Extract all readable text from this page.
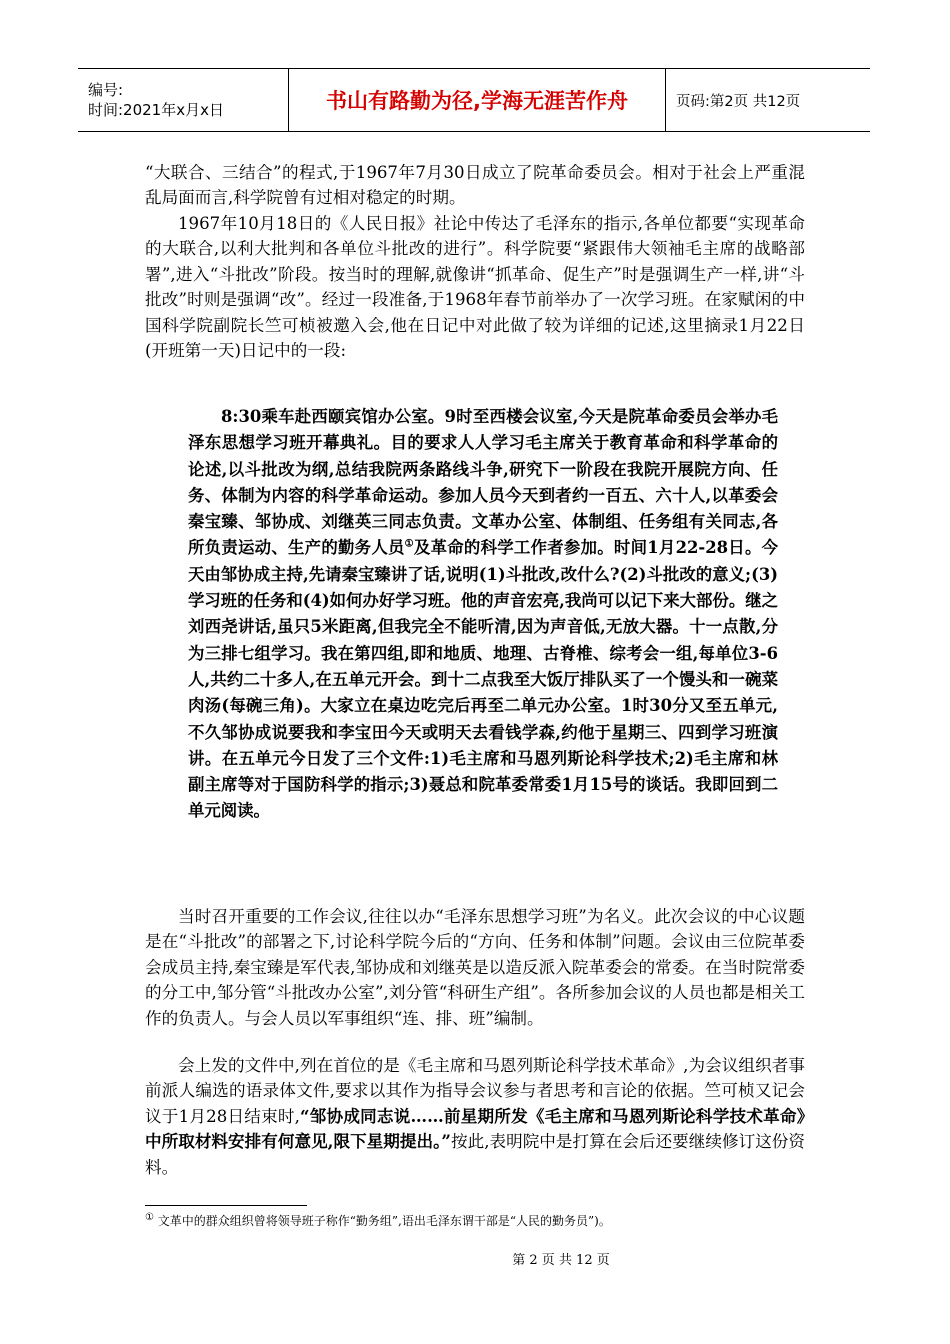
编号:
时间:2021年x月x日	书山有路勤为径,学海无涯苦作舟	页码:第2页 共12页

“大联合、三结合”的程式,于1967年7月30日成立了院革命委员会。相对于社会上严重混乱局面而言,科学院曾有过相对稳定的时期。

1967年10月18日的《人民日报》社论中传达了毛泽东的指示,各单位都要“实现革命的大联合,以利大批判和各单位斗批改的进行”。科学院要“紧跟伟大领袖毛主席的战略部署”,进入“斗批改”阶段。按当时的理解,就像讲“抓革命、促生产”时是强调生产一样,讲“斗批改”时则是强调“改”。经过一段准备,于1968年春节前举办了一次学习班。在家赋闲的中国科学院副院长竺可桢被邀入会,他在日记中对此做了较为详细的记述,这里摘录1月22日(开班第一天)日记中的一段:

8:30乘车赴西颐宾馆办公室。9时至西楼会议室,今天是院革命委员会举办毛泽东思想学习班开幕典礼。目的要求人人学习毛主席关于教育革命和科学革命的论述,以斗批改为纲,总结我院两条路线斗争,研究下一阶段在我院开展院方向、任务、体制为内容的科学革命运动。参加人员今天到者约一百五、六十人,以革委会秦宝臻、邹协成、刘继英三同志负责。文革办公室、体制组、任务组有关同志,各所负责运动、生产的勤务人员①及革命的科学工作者参加。时间1月22-28日。今天由邹协成主持,先请秦宝臻讲了话,说明(1)斗批改,改什么?(2)斗批改的意义;(3)学习班的任务和(4)如何办好学习班。他的声音宏亮,我尚可以记下来大部份。继之刘西尧讲话,虽只5米距离,但我完全不能听清,因为声音低,无放大器。十一点散,分为三排七组学习。我在第四组,即和地质、地理、古脊椎、综考会一组,每单位3-6人,共约二十多人,在五单元开会。到十二点我至大饭厅排队买了一个馒头和一碗菜肉汤(每碗三角)。大家立在桌边吃完后再至二单元办公室。1时30分又至五单元,不久邹协成说要我和李宝田今天或明天去看钱学森,约他于星期三、四到学习班演讲。在五单元今日发了三个文件:1)毛主席和马恩列斯论科学技术;2)毛主席和林副主席等对于国防科学的指示;3)聂总和院革委常委1月15号的谈话。我即回到二单元阅读。

当时召开重要的工作会议,往往以办“毛泽东思想学习班”为名义。此次会议的中心议题是在“斗批改”的部署之下,讨论科学院今后的“方向、任务和体制”问题。会议由三位院革委会成员主持,秦宝臻是军代表,邹协成和刘继英是以造反派入院革委会的常委。在当时院常委的分工中,邹分管“斗批改办公室”,刘分管“科研生产组”。各所参加会议的人员也都是相关工作的负责人。与会人员以军事组织“连、排、班”编制。

会上发的文件中,列在首位的是《毛主席和马恩列斯论科学技术革命》,为会议组织者事前派人编选的语录体文件,要求以其作为指导会议参与者思考和言论的依据。竺可桢又记会议于1月28日结束时,“邹协成同志说……前星期所发《毛主席和马恩列斯论科学技术革命》中所取材料安排有何意见,限下星期提出。”按此,表明院中是打算在会后还要继续修订这份资料。

① 文革中的群众组织曾将领导班子称作“勤务组”,语出毛泽东谓干部是“人民的勤务员”)。
第 2 页 共 12 页
